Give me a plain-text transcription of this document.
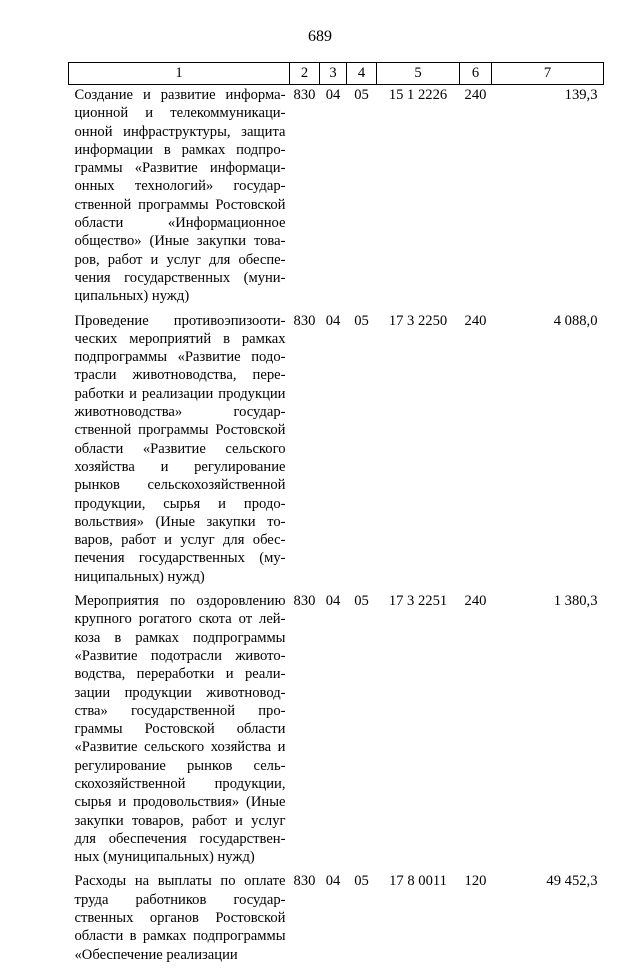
689
1	2	3	4	5	6	7
Создание и развитие информационной и телекоммуникационной инфраструктуры, защита информации в рамках подпрограммы «Развитие информационных технологий» государственной программы Ростовской области «Информационное общество» (Иные закупки товаров, работ и услуг для обеспечения государственных (муниципальных) нужд)	830	04	05	15 1 2226	240	139,3
Проведение противоэпизоотических мероприятий в рамках подпрограммы «Развитие подотрасли животноводства, переработки и реализации продукции животноводства» государственной программы Ростовской области «Развитие сельского хозяйства и регулирование рынков сельскохозяйственной продукции, сырья и продовольствия» (Иные закупки товаров, работ и услуг для обеспечения государственных (муниципальных) нужд)	830	04	05	17 3 2250	240	4 088,0
Мероприятия по оздоровлению крупного рогатого скота от лейкоза в рамках подпрограммы «Развитие подотрасли животоводства, переработки и реализации продукции животноводства» государственной программы Ростовской области «Развитие сельского хозяйства и регулирование рынков сельскохозяйственной продукции, сырья и продовольствия» (Иные закупки товаров, работ и услуг для обеспечения государственных (муниципальных) нужд)	830	04	05	17 3 2251	240	1 380,3
Расходы на выплаты по оплате труда работников государственных органов Ростовской области в рамках подпрограммы «Обеспечение реализации	830	04	05	17 8 0011	120	49 452,3
